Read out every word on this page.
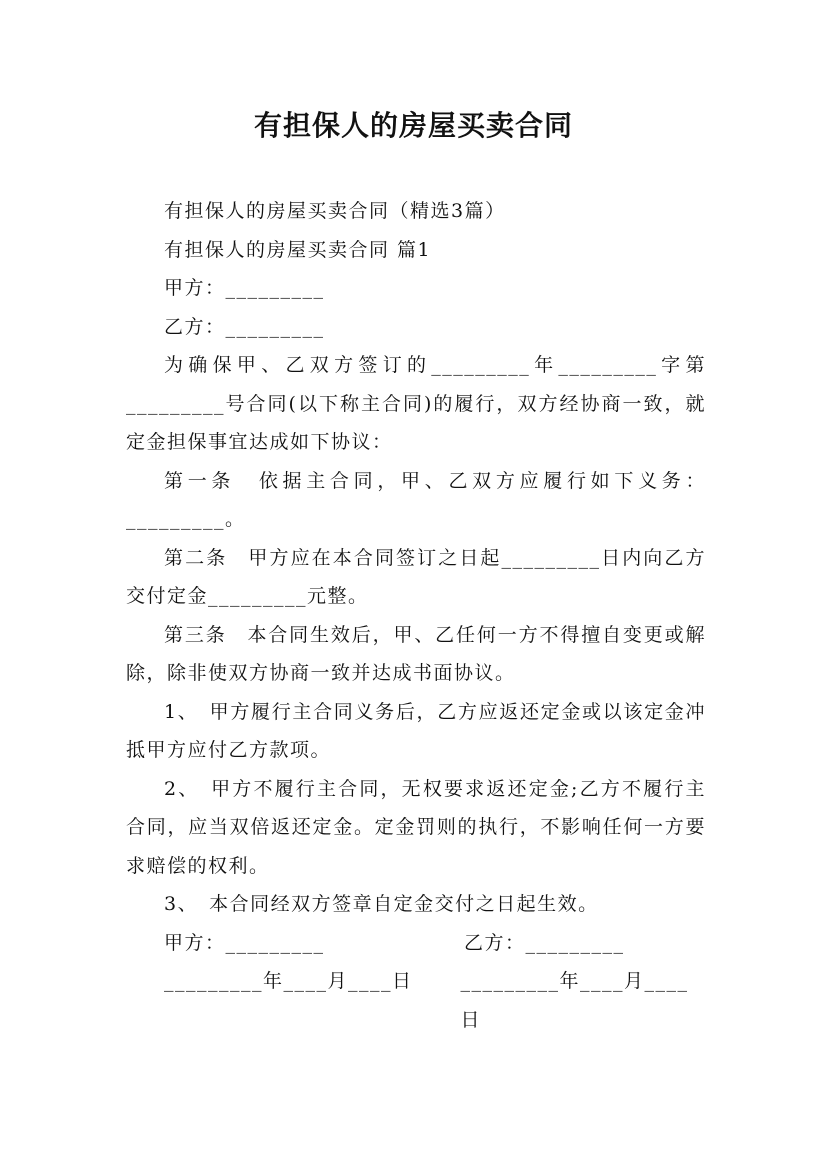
有担保人的房屋买卖合同

有担保人的房屋买卖合同（精选3篇）

有担保人的房屋买卖合同 篇1

甲方：_________

乙方：_________

为确保甲、乙双方签订的_________年_________字第_________号合同(以下称主合同)的履行，双方经协商一致，就定金担保事宜达成如下协议：

第一条　依据主合同，甲、乙双方应履行如下义务：_________。

第二条　甲方应在本合同签订之日起_________日内向乙方交付定金_________元整。

第三条　本合同生效后，甲、乙任何一方不得擅自变更或解除，除非使双方协商一致并达成书面协议。

1、　甲方履行主合同义务后，乙方应返还定金或以该定金冲抵甲方应付乙方款项。

2、　甲方不履行主合同，无权要求返还定金;乙方不履行主合同，应当双倍返还定金。定金罚则的执行，不影响任何一方要求赔偿的权利。

3、　本合同经双方签章自定金交付之日起生效。

甲方：_________	乙方：_________
_________年____月____日	_________年____月____日
